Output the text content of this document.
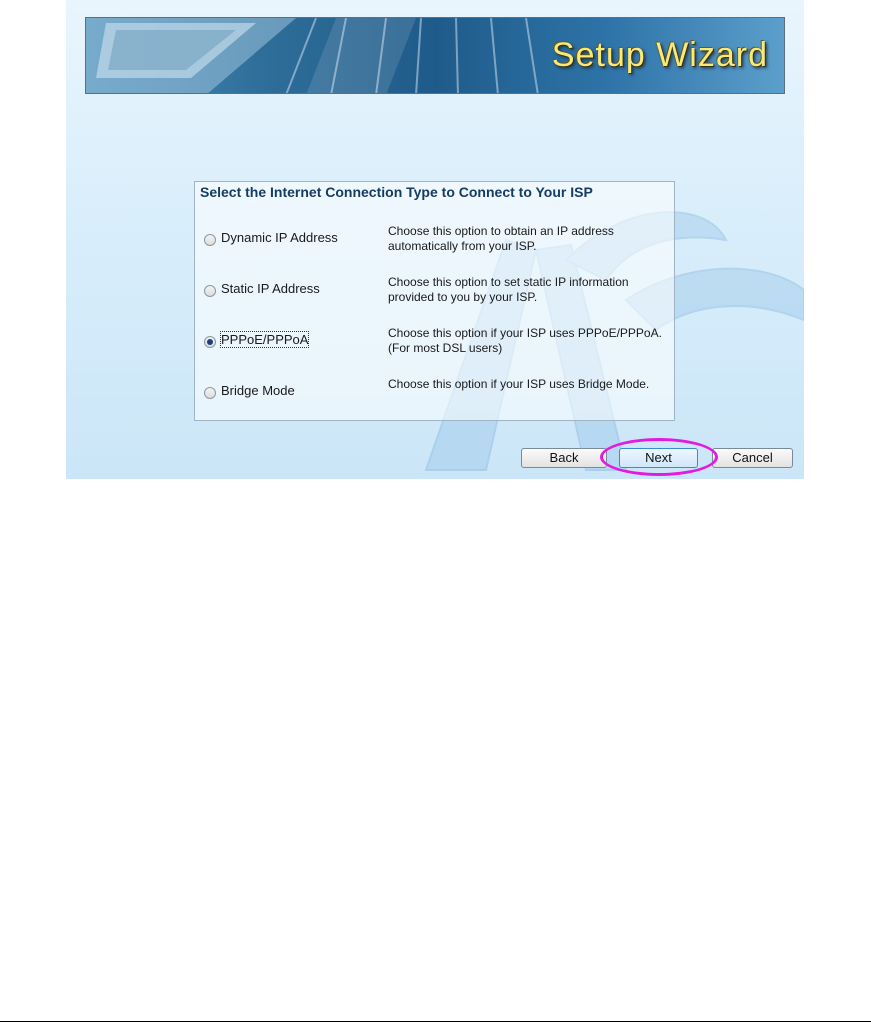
Setup Wizard
Select the Internet Connection Type to Connect to Your ISP
Dynamic IP Address	Choose this option to obtain an IP address automatically from your ISP.
Static IP Address	Choose this option to set static IP information provided to you by your ISP.
PPPoE/PPPoA	Choose this option if your ISP uses PPPoE/PPPoA. (For most DSL users)
Bridge Mode	Choose this option if your ISP uses Bridge Mode.
Back	Next	Cancel
